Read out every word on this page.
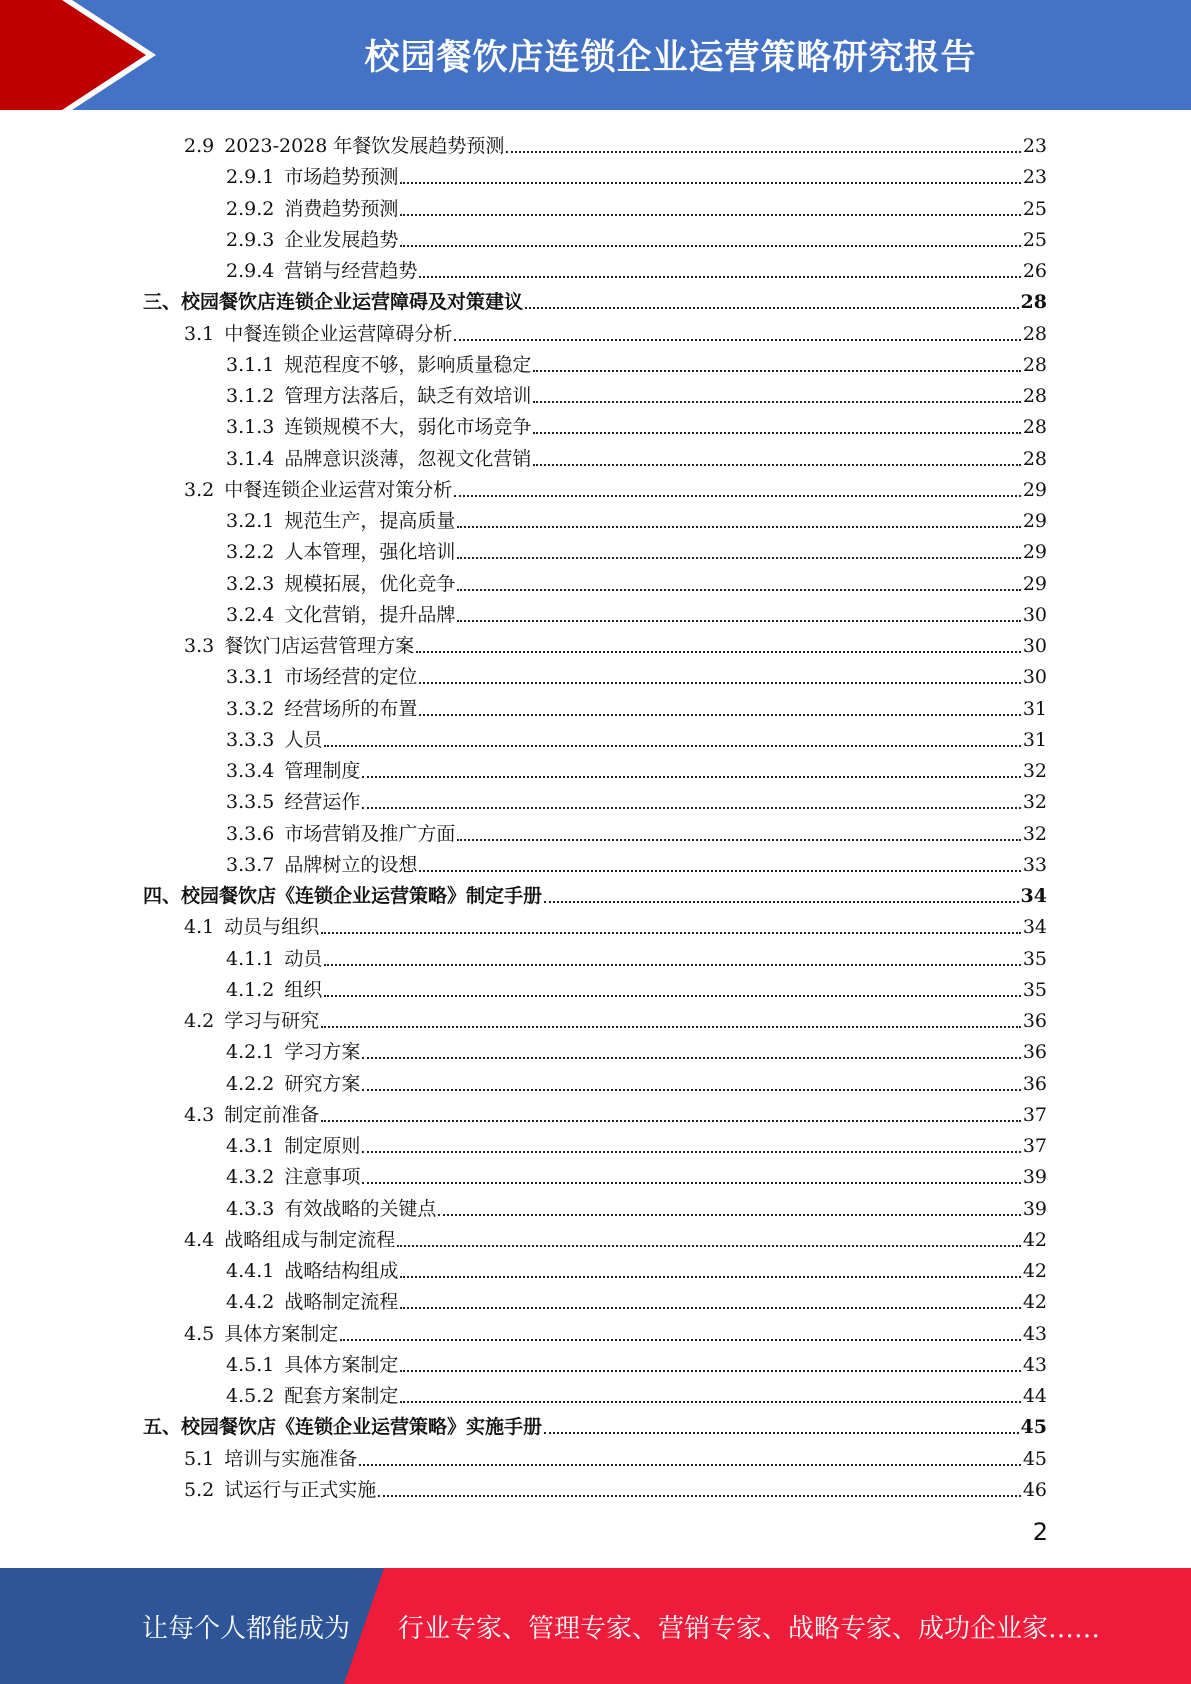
校园餐饮店连锁企业运营策略研究报告
2.9 2023-2028 年餐饮发展趋势预测	23
2.9.1 市场趋势预测	23
2.9.2 消费趋势预测	25
2.9.3 企业发展趋势	25
2.9.4 营销与经营趋势	26
三、 校园餐饮店连锁企业运营障碍及对策建议	28
3.1 中餐连锁企业运营障碍分析	28
3.1.1 规范程度不够，影响质量稳定	28
3.1.2 管理方法落后，缺乏有效培训	28
3.1.3 连锁规模不大，弱化市场竞争	28
3.1.4 品牌意识淡薄，忽视文化营销	28
3.2 中餐连锁企业运营对策分析	29
3.2.1 规范生产，提高质量	29
3.2.2 人本管理，强化培训	29
3.2.3 规模拓展，优化竞争	29
3.2.4 文化营销，提升品牌	30
3.3 餐饮门店运营管理方案	30
3.3.1 市场经营的定位	30
3.3.2 经营场所的布置	31
3.3.3 人员	31
3.3.4 管理制度	32
3.3.5 经营运作	32
3.3.6 市场营销及推广方面	32
3.3.7 品牌树立的设想	33
四、 校园餐饮店《连锁企业运营策略》制定手册	34
4.1 动员与组织	34
4.1.1 动员	35
4.1.2 组织	35
4.2 学习与研究	36
4.2.1 学习方案	36
4.2.2 研究方案	36
4.3 制定前准备	37
4.3.1 制定原则	37
4.3.2 注意事项	39
4.3.3 有效战略的关键点	39
4.4 战略组成与制定流程	42
4.4.1 战略结构组成	42
4.4.2 战略制定流程	42
4.5 具体方案制定	43
4.5.1 具体方案制定	43
4.5.2 配套方案制定	44
五、 校园餐饮店《连锁企业运营策略》实施手册	45
5.1 培训与实施准备	45
5.2 试运行与正式实施	46
2
让每个人都能成为 行业专家、管理专家、营销专家、战略专家、成功企业家……
